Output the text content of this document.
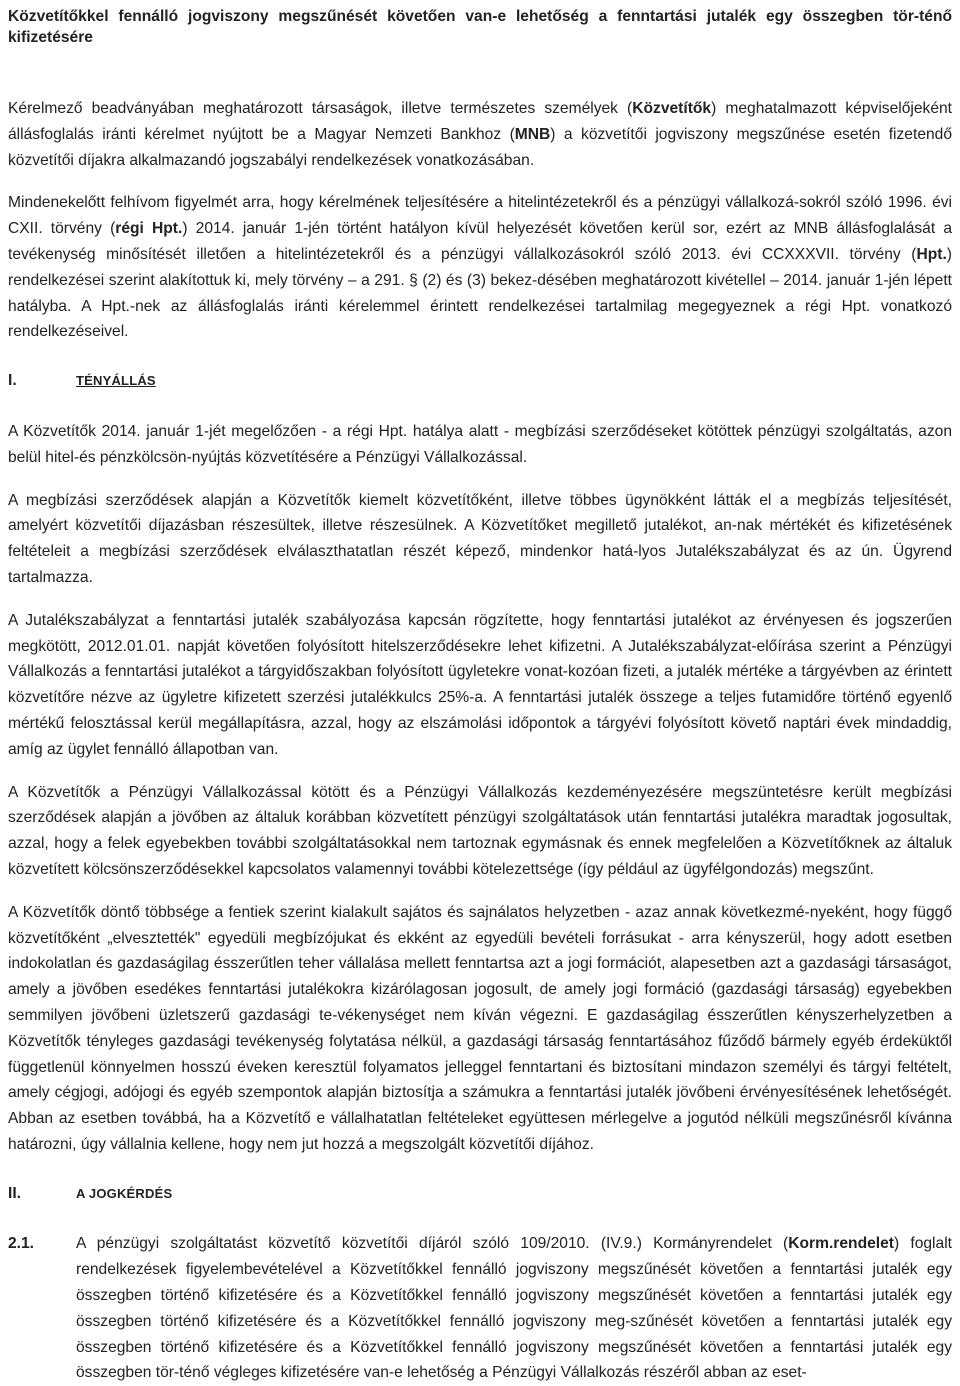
Közvetítőkkel fennálló jogviszony megszűnését követően van-e lehetőség a fenntartási jutalék egy összegben tör-ténő kifizetésére

Kérelmező beadványában meghatározott társaságok, illetve természetes személyek (Közvetítők) meghatalmazott képviselőjeként állásfoglalás iránti kérelmet nyújtott be a Magyar Nemzeti Bankhoz (MNB) a közvetítői jogviszony megszűnése esetén fizetendő közvetítői díjakra alkalmazandó jogszabályi rendelkezések vonatkozásában.

Mindenekelőtt felhívom figyelmét arra, hogy kérelmének teljesítésére a hitelintézetekről és a pénzügyi vállalkozá-sokról szóló 1996. évi CXII. törvény (régi Hpt.) 2014. január 1-jén történt hatályon kívül helyezését követően kerül sor, ezért az MNB állásfoglalását a tevékenység minősítését illetően a hitelintézetekről és a pénzügyi vállalkozásokról szóló 2013. évi CCXXXVII. törvény (Hpt.) rendelkezései szerint alakítottuk ki, mely törvény – a 291. § (2) és (3) bekez-désében meghatározott kivétellel – 2014. január 1-jén lépett hatályba. A Hpt.-nek az állásfoglalás iránti kérelemmel érintett rendelkezései tartalmilag megegyeznek a régi Hpt. vonatkozó rendelkezéseivel.

I.	TÉNYÁLLÁS

A Közvetítők 2014. január 1-jét megelőzően - a régi Hpt. hatálya alatt - megbízási szerződéseket kötöttek pénzügyi szolgáltatás, azon belül hitel-és pénzkölcsön-nyújtás közvetítésére a Pénzügyi Vállalkozással.

A megbízási szerződések alapján a Közvetítők kiemelt közvetítőként, illetve többes ügynökként látták el a megbízás teljesítését, amelyért közvetítői díjazásban részesültek, illetve részesülnek. A Közvetítőket megillető jutalékot, an-nak mértékét és kifizetésének feltételeit a megbízási szerződések elválaszthatatlan részét képező, mindenkor hatá-lyos Jutalékszabályzat és az ún. Ügyrend tartalmazza.

A Jutalékszabályzat a fenntartási jutalék szabályozása kapcsán rögzítette, hogy fenntartási jutalékot az érvényesen és jogszerűen megkötött, 2012.01.01. napját követően folyósított hitelszerződésekre lehet kifizetni. A Jutalékszabályzat-előírása szerint a Pénzügyi Vállalkozás a fenntartási jutalékot a tárgyidőszakban folyósított ügyletekre vonat-kozóan fizeti, a jutalék mértéke a tárgyévben az érintett közvetítőre nézve az ügyletre kifizetett szerzési jutalékkulcs 25%-a. A fenntartási jutalék összege a teljes futamidőre történő egyenlő mértékű felosztással kerül megállapításra, azzal, hogy az elszámolási időpontok a tárgyévi folyósított követő naptári évek mindaddig, amíg az ügylet fennálló állapotban van.

A Közvetítők a Pénzügyi Vállalkozással kötött és a Pénzügyi Vállalkozás kezdeményezésére megszüntetésre került megbízási szerződések alapján a jövőben az általuk korábban közvetített pénzügyi szolgáltatások után fenntartási jutalékra maradtak jogosultak, azzal, hogy a felek egyebekben további szolgáltatásokkal nem tartoznak egymásnak és ennek megfelelően a Közvetítőknek az általuk közvetített kölcsönszerződésekkel kapcsolatos valamennyi további kötelezettsége (így például az ügyfélgondozás) megszűnt.

A Közvetítők döntő többsége a fentiek szerint kialakult sajátos és sajnálatos helyzetben - azaz annak következmé-nyeként, hogy függő közvetítőként „elvesztették" egyedüli megbízójukat és ekként az egyedüli bevételi forrásukat - arra kényszerül, hogy adott esetben indokolatlan és gazdaságilag ésszerűtlen teher vállalása mellett fenntartsa azt a jogi formációt, alapesetben azt a gazdasági társaságot, amely a jövőben esedékes fenntartási jutalékokra kizárólagosan jogosult, de amely jogi formáció (gazdasági társaság) egyebekben semmilyen jövőbeni üzletszerű gazdasági te-vékenységet nem kíván végezni. E gazdaságilag ésszerűtlen kényszerhelyzetben a Közvetítők tényleges gazdasági tevékenység folytatása nélkül, a gazdasági társaság fenntartásához fűződő bármely egyéb érdeküktől függetlenül könnyelmen hosszú éveken keresztül folyamatos jelleggel fenntartani és biztosítani mindazon személyi és tárgyi feltételt, amely cégjogi, adójogi és egyéb szempontok alapján biztosítja a számukra a fenntartási jutalék jövőbeni érvényesítésének lehetőségét. Abban az esetben továbbá, ha a Közvetítő e vállalhatatlan feltételeket együttesen mérlegelve a jogutód nélküli megszűnésről kívánna határozni, úgy vállalnia kellene, hogy nem jut hozzá a megszolgált közvetítői díjához.

II.	A JOGKÉRDÉS
2.1.	A pénzügyi szolgáltatást közvetítő közvetítői díjáról szóló 109/2010. (IV.9.) Kormányrendelet (Korm.rendelet) foglalt rendelkezések figyelembevételével a Közvetítőkkel fennálló jogviszony megszűnését követően a fenntartási jutalék egy összegben történő kifizetésére és a Közvetítőkkel fennálló jogviszony megszűnését követően a fenntartási jutalék egy összegben történő kifizetésére és a Közvetítőkkel fennálló jogviszony meg-szűnését követően a fenntartási jutalék egy összegben történő kifizetésére és a Közvetítőkkel fennálló jogviszony megszűnését követően a fenntartási jutalék egy összegben tör-ténő végleges kifizetésére van-e lehetőség a Pénzügyi Vállalkozás részéről abban az eset-
